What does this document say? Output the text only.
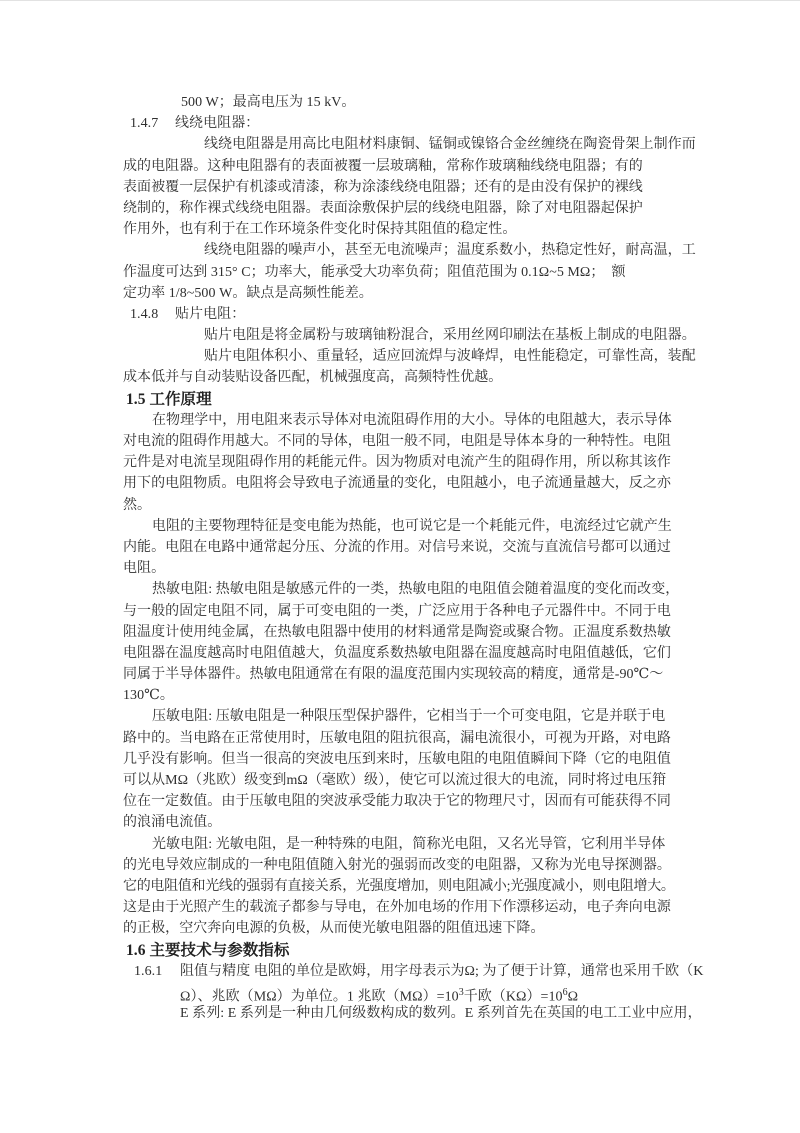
500 W；最高电压为 15 kV。
1.4.7 线绕电阻器：
线绕电阻器是用高比电阻材料康铜、锰铜或镍铬合金丝缠绕在陶瓷骨架上制作而
成的电阻器。这种电阻器有的表面被覆一层玻璃釉，常称作玻璃釉线绕电阻器；有的
表面被覆一层保护有机漆或清漆，称为涂漆线绕电阻器；还有的是由没有保护的裸线
绕制的，称作裸式线绕电阻器。表面涂敷保护层的线绕电阻器，除了对电阻器起保护
作用外，也有利于在工作环境条件变化时保持其阻值的稳定性。
线绕电阻器的噪声小，甚至无电流噪声；温度系数小，热稳定性好，耐高温，工
作温度可达到 315° C；功率大，能承受大功率负荷；阻值范围为 0.1Ω~5 MΩ；  额
定功率 1/8~500 W。缺点是高频性能差。
1.4.8 贴片电阻：
贴片电阻是将金属粉与玻璃铀粉混合，采用丝网印刷法在基板上制成的电阻器。
贴片电阻体积小、重量轻，适应回流焊与波峰焊，电性能稳定，可靠性高，装配
成本低并与自动装贴设备匹配，机械强度高，高频特性优越。
1.5 工作原理
在物理学中，用电阻来表示导体对电流阻碍作用的大小。导体的电阻越大，表示导体
对电流的阻碍作用越大。不同的导体，电阻一般不同，电阻是导体本身的一种特性。电阻
元件是对电流呈现阻碍作用的耗能元件。因为物质对电流产生的阻碍作用，所以称其该作
用下的电阻物质。电阻将会导致电子流通量的变化，电阻越小，电子流通量越大，反之亦
然。
电阻的主要物理特征是变电能为热能，也可说它是一个耗能元件，电流经过它就产生
内能。电阻在电路中通常起分压、分流的作用。对信号来说，交流与直流信号都可以通过
电阻。
热敏电阻: 热敏电阻是敏感元件的一类，热敏电阻的电阻值会随着温度的变化而改变，
与一般的固定电阻不同，属于可变电阻的一类，广泛应用于各种电子元器件中。不同于电
阻温度计使用纯金属，在热敏电阻器中使用的材料通常是陶瓷或聚合物。正温度系数热敏
电阻器在温度越高时电阻值越大，负温度系数热敏电阻器在温度越高时电阻值越低，它们
同属于半导体器件。热敏电阻通常在有限的温度范围内实现较高的精度，通常是-90℃～
130℃。
压敏电阻: 压敏电阻是一种限压型保护器件，它相当于一个可变电阻，它是并联于电
路中的。当电路在正常使用时，压敏电阻的阻抗很高，漏电流很小，可视为开路，对电路
几乎没有影响。但当一很高的突波电压到来时，压敏电阻的电阻值瞬间下降（它的电阻值
可以从MΩ（兆欧）级变到mΩ（毫欧）级），使它可以流过很大的电流，同时将过电压箝
位在一定数值。由于压敏电阻的突波承受能力取决于它的物理尺寸，因而有可能获得不同
的浪涌电流值。
光敏电阻: 光敏电阻，是一种特殊的电阻，简称光电阻，又名光导管，它利用半导体
的光电导效应制成的一种电阻值随入射光的强弱而改变的电阻器，又称为光电导探测器。
它的电阻值和光线的强弱有直接关系，光强度增加，则电阻减小;光强度减小，则电阻增大。
这是由于光照产生的载流子都参与导电，在外加电场的作用下作漂移运动，电子奔向电源
的正极，空穴奔向电源的负极，从而使光敏电阻器的阻值迅速下降。
1.6 主要技术与参数指标
1.6.1 阻值与精度 电阻的单位是欧姆，用字母表示为Ω; 为了便于计算，通常也采用千欧（K
Ω）、兆欧（MΩ）为单位。1 兆欧$(M\Omega)=10^3$千欧$(K\Omega)=10^6\Omega$
E 系列: E 系列是一种由几何级数构成的数列。E 系列首先在英国的电工工业中应用，
